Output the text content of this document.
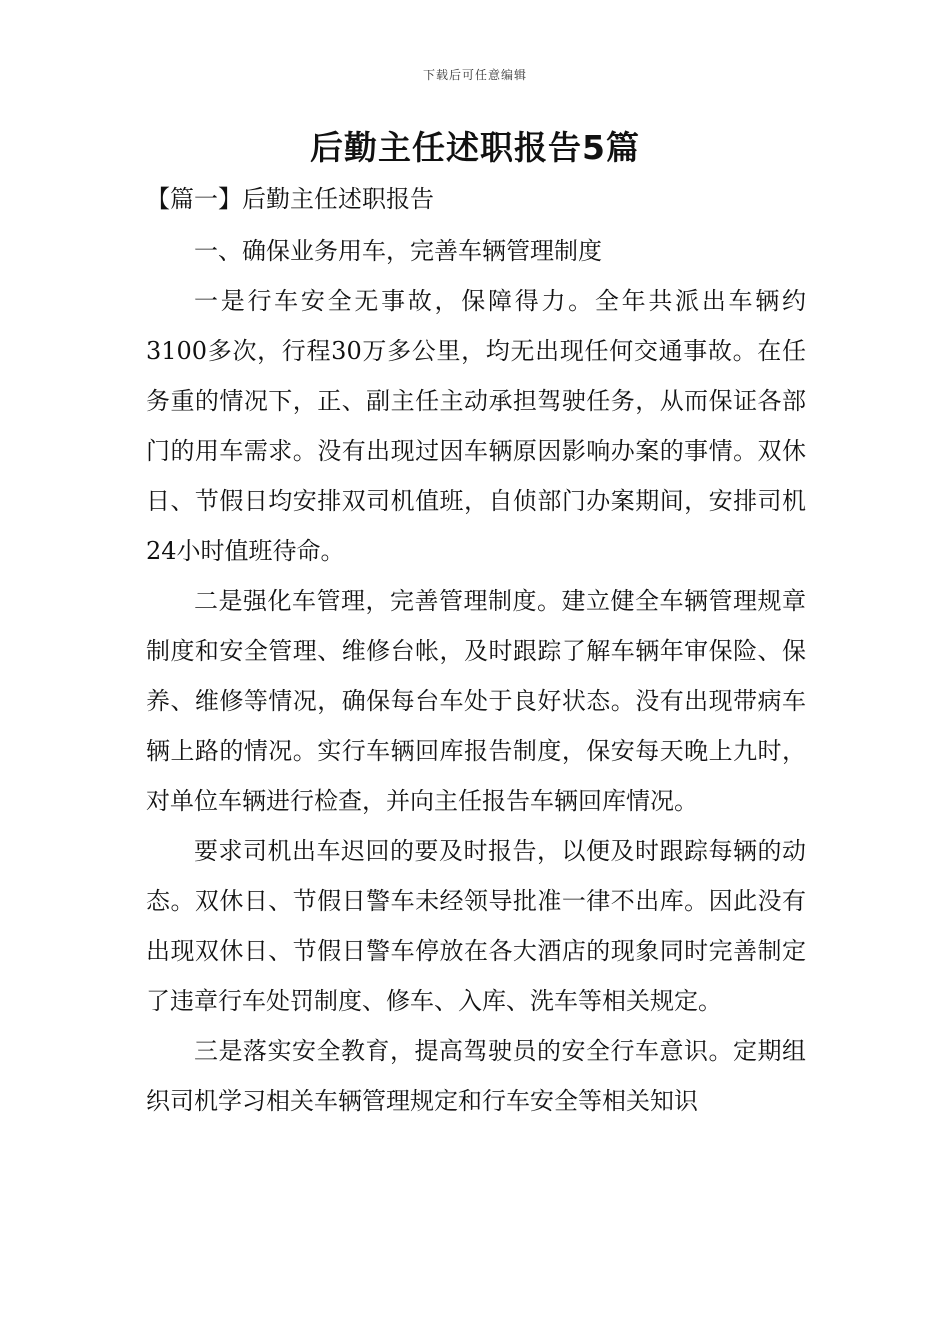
下载后可任意编辑
后勤主任述职报告5篇
【篇一】后勤主任述职报告

一、确保业务用车，完善车辆管理制度

一是行车安全无事故，保障得力。全年共派出车辆约3100多次，行程30万多公里，均无出现任何交通事故。在任务重的情况下，正、副主任主动承担驾驶任务，从而保证各部门的用车需求。没有出现过因车辆原因影响办案的事情。双休日、节假日均安排双司机值班，自侦部门办案期间，安排司机24小时值班待命。

二是强化车管理，完善管理制度。建立健全车辆管理规章制度和安全管理、维修台帐，及时跟踪了解车辆年审保险、保养、维修等情况，确保每台车处于良好状态。没有出现带病车辆上路的情况。实行车辆回库报告制度，保安每天晚上九时，对单位车辆进行检查，并向主任报告车辆回库情况。

要求司机出车迟回的要及时报告，以便及时跟踪每辆的动态。双休日、节假日警车未经领导批准一律不出库。因此没有出现双休日、节假日警车停放在各大酒店的现象同时完善制定了违章行车处罚制度、修车、入库、洗车等相关规定。

三是落实安全教育，提高驾驶员的安全行车意识。定期组织司机学习相关车辆管理规定和行车安全等相关知识
